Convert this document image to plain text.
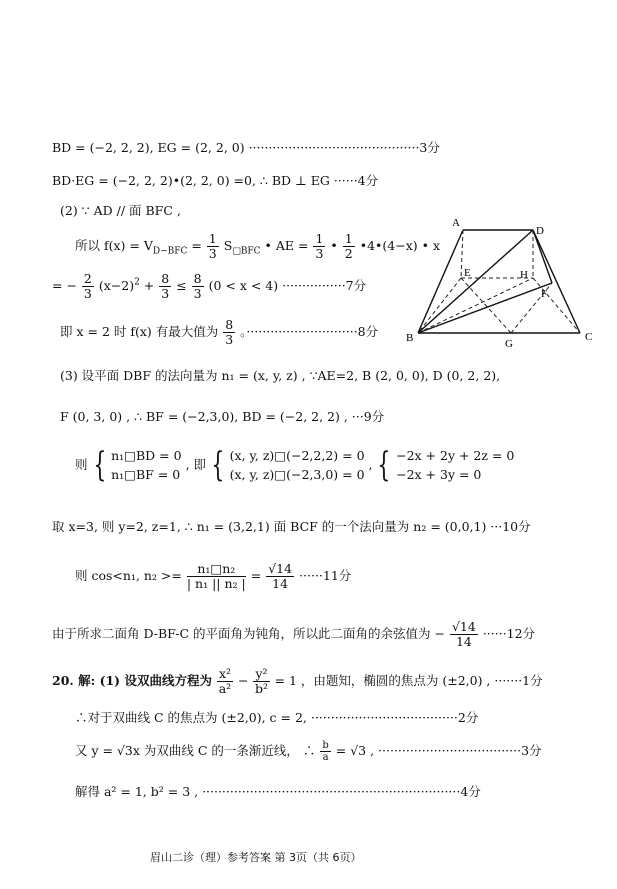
BD = (−2, 2, 2), EG = (2, 2, 0) ···········································3分
BD·EG = (−2, 2, 2)•(2, 2, 0) =0, ∴ BD ⊥ EG ······4分
(2) ∵ AD // 面 BFC ,
所以 $f(x) = V_{D-BFC} = \frac{1}{3} S_{□BFC}$ • AE = $\frac{1}{3}$ • $\frac{1}{2}$ •4•(4−x) • x
= − $\frac{2}{3} (x-2)^2 + \frac{8}{3} \le \frac{8}{3} (0 < x < 4) \cdot\cdot\cdot\cdot\cdot\cdot\cdot\cdot\cdot\cdot\cdot\cdot\cdot\cdot\cdot\cdot 7$分
即 x = 2 时 f(x) 有最大值为 $\frac{8}{3}$ 。····························8分
A
D
E	H
F
B	G
C
(3) 设平面 DBF 的法向量为 n₁ = (x, y, z) , ∵AE=2, B (2, 0, 0), D (0, 2, 2),
F (0, 3, 0) , ∴ BF = (−2,3,0), BD = (−2, 2, 2) , ···9分
则 { n₁□BD = 0
n₁□BF = 0
, 即 { (x, y, z)□(−2,2,2) = 0
(x, y, z)□(−2,3,0) = 0
, { −2x + 2y + 2z = 0
−2x + 3y = 0
取 x=3, 则 y=2, z=1, ∴ n₁ = (3,2,1) 面 BCF 的一个法向量为 n₂ = (0,0,1) ···10分
则 cos<n₁, $n_2 >= \frac{\text{n₁□n₂}}{\text{| n₁ || n₂ |}} = \frac{√14}{14} \cdot\cdot\cdot\cdot\cdot\cdot 11$分
由于所求二面角 D-BF-C 的平面角为钝角，所以此二面角的余弦值为 − $\frac{√14}{14} \cdot\cdot\cdot\cdot\cdot\cdot 12$分
20. 解: (1) 设双曲线方程为 $\frac{\text{x²}}{\text{a²}} - \frac{\text{y²}}{\text{b²}} = 1$ ，由题知，椭圆的焦点为 (±2,0) , ·······1分
∴对于双曲线 C 的焦点为 (±2,0), c = 2, ·····································2分
又 y = √3x 为双曲线 C 的一条渐近线， ∴ $\frac{b}{a} = √3$ , ····································3分
解得 a² = 1, b² = 3 , ·································································4分
眉山二诊（理）参考答案 第 3页（共 6页）
